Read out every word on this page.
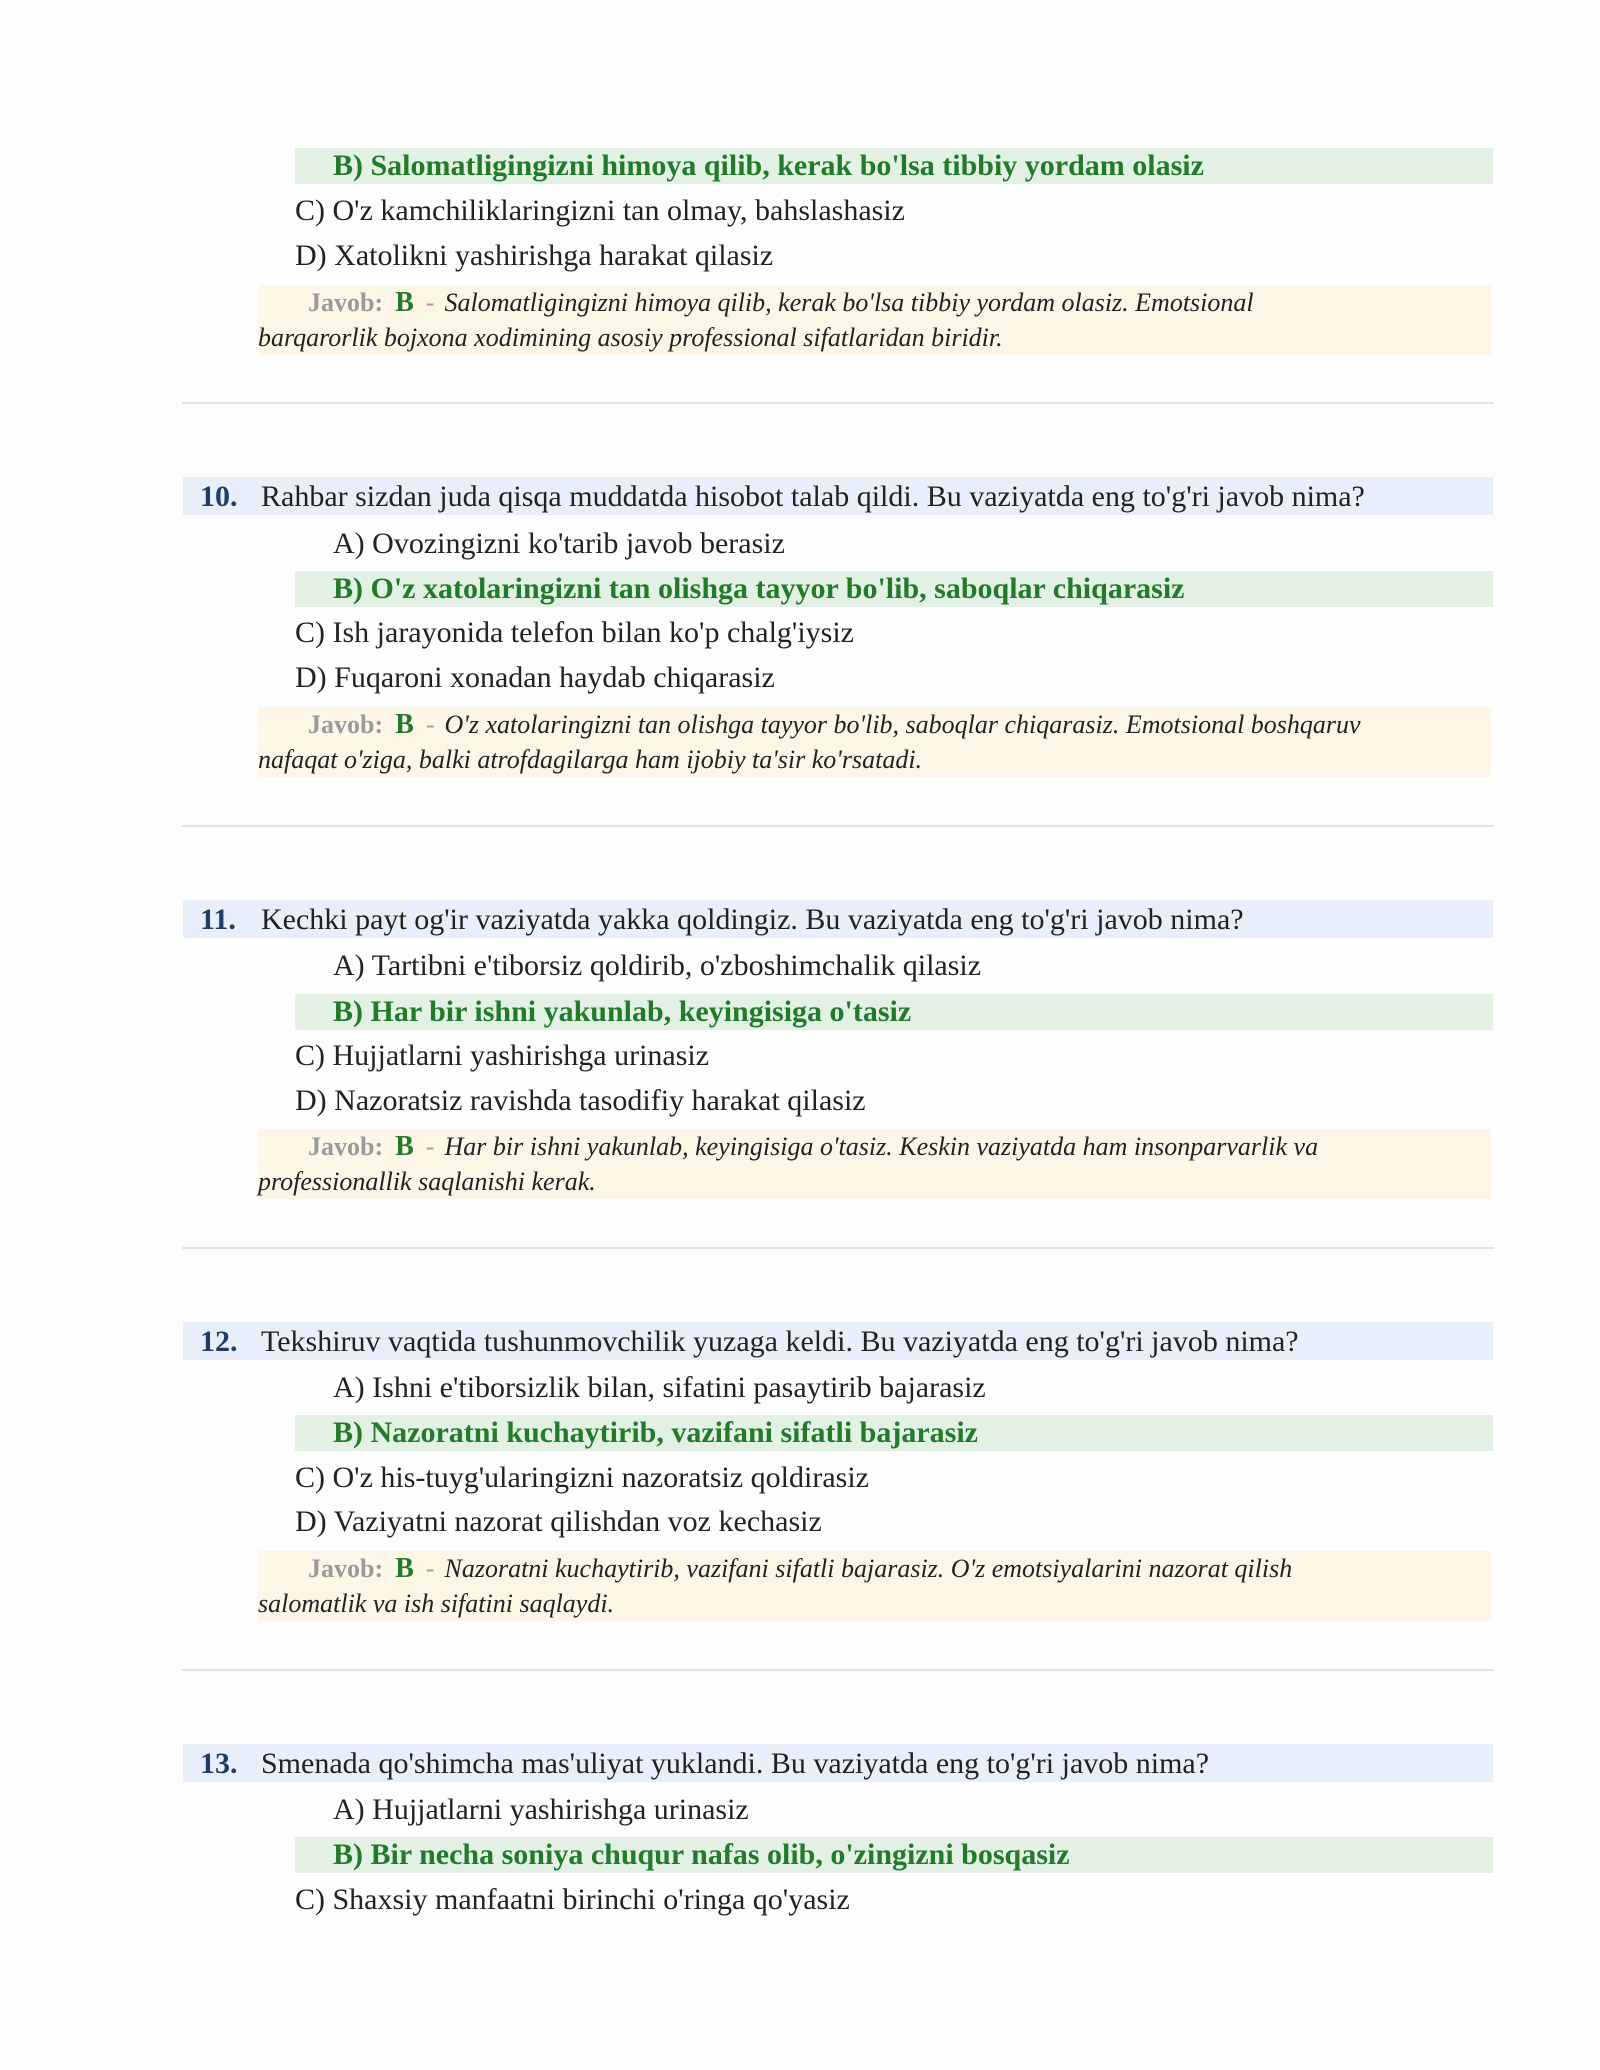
B) Salomatligingizni himoya qilib, kerak bo'lsa tibbiy yordam olasiz
C) O'z kamchiliklaringizni tan olmay, bahslashasiz
D) Xatolikni yashirishga harakat qilasiz
Javob: B - Salomatligingizni himoya qilib, kerak bo'lsa tibbiy yordam olasiz. Emotsional
barqarorlik bojxona xodimining asosiy professional sifatlaridan biridir.
10. Rahbar sizdan juda qisqa muddatda hisobot talab qildi. Bu vaziyatda eng to'g'ri javob nima?
A) Ovozingizni ko'tarib javob berasiz
B) O'z xatolaringizni tan olishga tayyor bo'lib, saboqlar chiqarasiz
C) Ish jarayonida telefon bilan ko'p chalg'iysiz
D) Fuqaroni xonadan haydab chiqarasiz
Javob: B - O'z xatolaringizni tan olishga tayyor bo'lib, saboqlar chiqarasiz. Emotsional boshqaruv
nafaqat o'ziga, balki atrofdagilarga ham ijobiy ta'sir ko'rsatadi.
11. Kechki payt og'ir vaziyatda yakka qoldingiz. Bu vaziyatda eng to'g'ri javob nima?
A) Tartibni e'tiborsiz qoldirib, o'zboshimchalik qilasiz
B) Har bir ishni yakunlab, keyingisiga o'tasiz
C) Hujjatlarni yashirishga urinasiz
D) Nazoratsiz ravishda tasodifiy harakat qilasiz
Javob: B - Har bir ishni yakunlab, keyingisiga o'tasiz. Keskin vaziyatda ham insonparvarlik va
professionallik saqlanishi kerak.
12. Tekshiruv vaqtida tushunmovchilik yuzaga keldi. Bu vaziyatda eng to'g'ri javob nima?
A) Ishni e'tiborsizlik bilan, sifatini pasaytirib bajarasiz
B) Nazoratni kuchaytirib, vazifani sifatli bajarasiz
C) O'z his-tuyg'ularingizni nazoratsiz qoldirasiz
D) Vaziyatni nazorat qilishdan voz kechasiz
Javob: B - Nazoratni kuchaytirib, vazifani sifatli bajarasiz. O'z emotsiyalarini nazorat qilish
salomatlik va ish sifatini saqlaydi.
13. Smenada qo'shimcha mas'uliyat yuklandi. Bu vaziyatda eng to'g'ri javob nima?
A) Hujjatlarni yashirishga urinasiz
B) Bir necha soniya chuqur nafas olib, o'zingizni bosqasiz
C) Shaxsiy manfaatni birinchi o'ringa qo'yasiz
